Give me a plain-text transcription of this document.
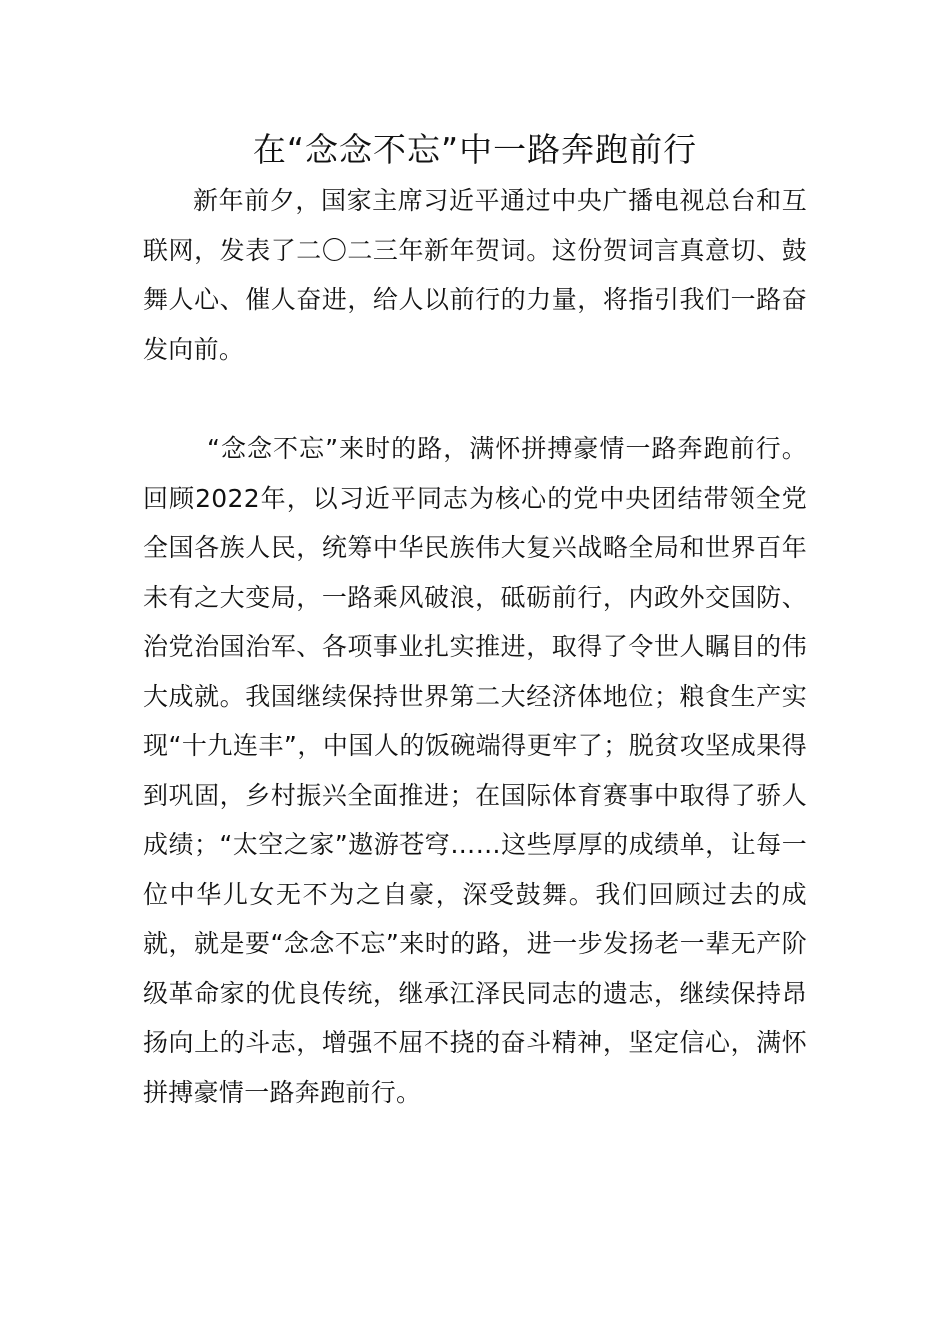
在“念念不忘”中一路奔跑前行

新年前夕，国家主席习近平通过中央广播电视总台和互联网，发表了二〇二三年新年贺词。这份贺词言真意切、鼓舞人心、催人奋进，给人以前行的力量，将指引我们一路奋发向前。

“念念不忘”来时的路，满怀拼搏豪情一路奔跑前行。回顾2022年，以习近平同志为核心的党中央团结带领全党全国各族人民，统筹中华民族伟大复兴战略全局和世界百年未有之大变局，一路乘风破浪，砥砺前行，内政外交国防、治党治国治军、各项事业扎实推进，取得了令世人瞩目的伟大成就。我国继续保持世界第二大经济体地位；粮食生产实现“十九连丰”，中国人的饭碗端得更牢了；脱贫攻坚成果得到巩固，乡村振兴全面推进；在国际体育赛事中取得了骄人成绩；“太空之家”遨游苍穹……这些厚厚的成绩单，让每一位中华儿女无不为之自豪，深受鼓舞。我们回顾过去的成就，就是要“念念不忘”来时的路，进一步发扬老一辈无产阶级革命家的优良传统，继承江泽民同志的遗志，继续保持昂扬向上的斗志，增强不屈不挠的奋斗精神，坚定信心，满怀拼搏豪情一路奔跑前行。
